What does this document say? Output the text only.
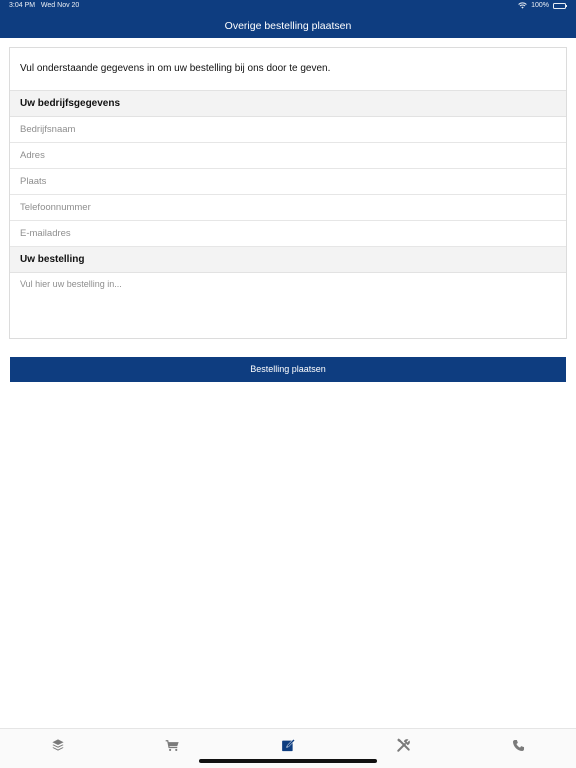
3:04 PM Wed Nov 20	100%
Overige bestelling plaatsen
Vul onderstaande gegevens in om uw bestelling bij ons door te geven.
Uw bedrijfsgegevens
Bedrijfsnaam
Adres
Plaats
Telefoonnummer
E-mailadres
Uw bestelling
Vul hier uw bestelling in...
Bestelling plaatsen
